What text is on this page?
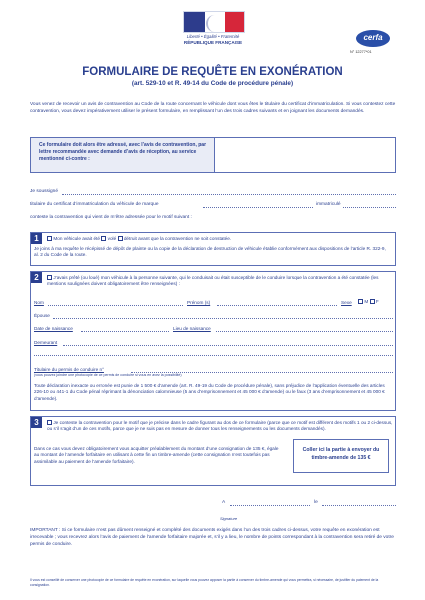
Liberté • Égalité • Fraternité
RÉPUBLIQUE FRANÇAISE
cerfa
N° 12277*01
FORMULAIRE DE REQUÊTE EN EXONÉRATION
(art. 529-10 et R. 49-14 du Code de procédure pénale)
Vous venez de recevoir un avis de contravention au Code de la route concernant le véhicule dont vous êtes le titulaire du certificat d’immatriculation. Si vous contestez cette contravention, vous devez impérativement utiliser le présent formulaire, en remplissant l’un des trois cadres suivants et en joignant les documents demandés.
Ce formulaire doit alors être adressé, avec l’avis de contravention, par lettre recommandée avec demande d’avis de réception, au service mentionné ci-contre :
Je soussigné
titulaire du certificat d’immatriculation du véhicule de marque	immatriculé
conteste la contravention qui vient de m’être adressée pour le motif suivant :
1	Mon véhicule avait été volé détruit avant que la contravention ne soit constatée.
Je joins à ma requête le récépissé de dépôt de plainte ou la copie de la déclaration de destruction de véhicule établie conformément aux dispositions de l’article R. 322-9, al. 2 du Code de la route.
2	J’avais prêté (ou loué) mon véhicule à la personne suivante, qui le conduisait ou était susceptible de le conduire lorsque la contravention a été constatée (les mentions soulignées doivent obligatoirement être renseignées) :
Nom	Prénom (s)	Sexe	M F
Épouse
Date de naissance	Lieu de naissance
Demeurant
Titulaire du permis de conduire n°
(vous pouvez joindre une photocopie de ce permis de conduire si vous en avez la possibilité)
Toute déclaration inexacte ou erronée est punie de 1 500 € d’amende (art. R. 49-19 du Code de procédure pénale), sans préjudice de l’application éventuelle des articles 226-10 ou 441-1 du Code pénal réprimant la dénonciation calomnieuse (5 ans d’emprisonnement et 45 000 € d’amende) ou le faux (3 ans d’emprisonnement et 45 000 € d’amende).
3	Je conteste la contravention pour le motif que je précise dans le cadre figurant au dos de ce formulaire (parce que ce motif est différent des motifs 1 ou 2 ci-dessus, ou s’il s’agit d’un de ces motifs, parce que je ne suis pas en mesure de donner tous les renseignements ou les documents demandés).
Dans ce cas vous devez obligatoirement vous acquitter préalablement du montant d’une consignation de 135 €, égale au montant de l’amende forfaitaire en utilisant à cette fin un timbre-amende (cette consignation n’est toutefois pas assimilable au paiement de l’amende forfaitaire).
Coller ici la partie à envoyer du timbre-amende de 135 €
A	le
Signature
IMPORTANT : Si ce formulaire n’est pas dûment renseigné et complété des documents exigés dans l’un des trois cadres ci-dessus, votre requête en exonération est irrecevable ; vous recevrez alors l’avis de paiement de l’amende forfaitaire majorée et, s’il y a lieu, le nombre de points correspondant à la contravention sera retiré de votre permis de conduire.
Il vous est conseillé de conserver une photocopie de ce formulaire de requête en exonération, sur laquelle vous pouvez apposer la partie à conserver du timbre-amende qui vous permettra, si nécessaire, de justifier du paiement de la consignation.
